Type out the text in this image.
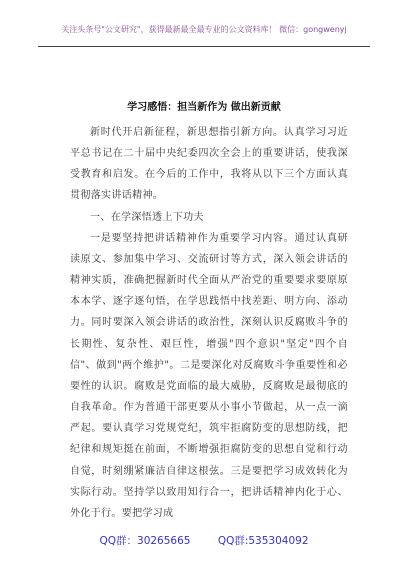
关注头条号"公文研究"，获得最新最全最专业的公文资料库！ 微信：gongwenyj
学习感悟：担当新作为 做出新贡献

新时代开启新征程，新思想指引新方向。认真学习习近平总书记在二十届中央纪委四次全会上的重要讲话，使我深受教育和启发。在今后的工作中，我将从以下三个方面认真贯彻落实讲话精神。

一、在学深悟透上下功夫

一是要坚持把讲话精神作为重要学习内容。通过认真研读原文、参加集中学习、交流研讨等方式，深入领会讲话的精神实质，准确把握新时代全面从严治党的重要要求要原原本本学、逐字逐句悟，在学思践悟中找差距、明方向、添动力。同时要深入领会讲话的政治性，深刻认识反腐败斗争的长期性、复杂性、艰巨性，增强"四个意识"坚定"四个自信"、做到"两个维护"。二是要深化对反腐败斗争重要性和必要性的认识。腐败是党面临的最大威胁，反腐败是最彻底的自我革命。作为普通干部更要从小事小节做起，从一点一滴严起。要认真学习党规党纪，筑牢拒腐防变的思想防线，把纪律和规矩挺在前面，不断增强拒腐防变的思想自觉和行动自觉，时刻绷紧廉洁自律这根弦。三是要把学习成效转化为实际行动。坚持学以致用知行合一，把讲话精神内化于心、外化于行。要把学习成

QQ群：30265665	QQ群:535304092
